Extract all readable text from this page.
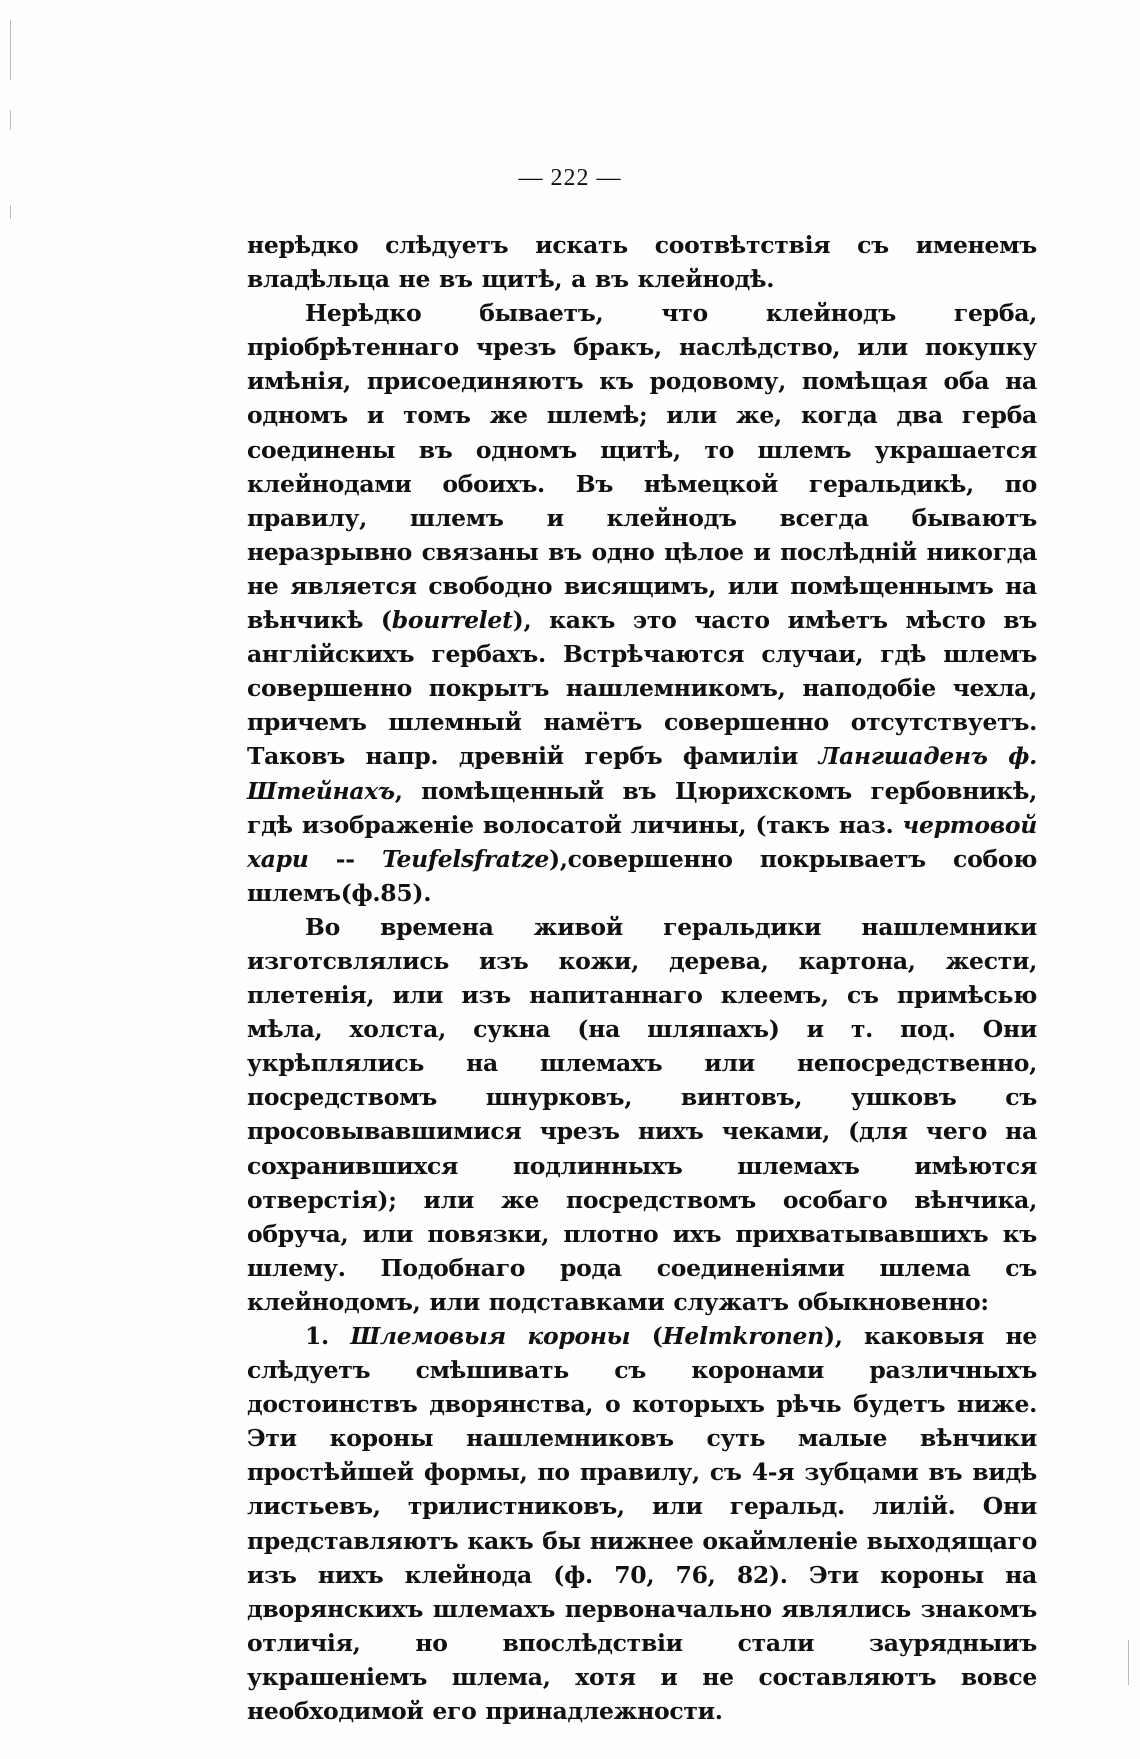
— 222 —

нерѣдко слѣдуетъ искать соотвѣтствія съ именемъ владѣльца не въ щитѣ, а въ клейнодѣ.

Нерѣдко бываетъ, что клейнодъ герба, пріобрѣтеннаго чрезъ бракъ, наслѣдство, или покупку имѣнія, присоединяютъ къ родовому, помѣщая оба на одномъ и томъ же шлемѣ; или же, когда два герба соединены въ одномъ щитѣ, то шлемъ украшается клейнодами обоихъ. Въ нѣмецкой геральдикѣ, по правилу, шлемъ и клейнодъ всегда бываютъ неразрывно связаны въ одно цѣлое и послѣдній никогда не является свободно висящимъ, или помѣщеннымъ на вѣнчикѣ (bourrelet), какъ это часто имѣетъ мѣсто въ англійскихъ гербахъ. Встрѣчаются случаи, гдѣ шлемъ совершенно покрытъ нашлемникомъ, наподобіе чехла, причемъ шлемный намётъ совершенно отсутствуетъ. Таковъ напр. древній гербъ фамиліи Лангшаденъ ф. Штейнахъ, помѣщенный въ Цюрихскомъ гербовникѣ, гдѣ изображеніе волосатой личины, (такъ наз. чертовой хари -- Teufelsfratze),совершенно покрываетъ собою шлемъ(ф.85).

Во времена живой геральдики нашлемники изготсвлялись изъ кожи, дерева, картона, жести, плетенія, или изъ напитаннаго клеемъ, съ примѣсью мѣла, холста, сукна (на шляпахъ) и т. под. Они укрѣплялись на шлемахъ или непосредственно, посредствомъ шнурковъ, винтовъ, ушковъ съ просовывавшимися чрезъ нихъ чеками, (для чего на сохранившихся подлинныхъ шлемахъ имѣются отверстія); или же посредствомъ особаго вѣнчика, обруча, или повязки, плотно ихъ прихватывавшихъ къ шлему. Подобнаго рода соединеніями шлема съ клейнодомъ, или подставками служатъ обыкновенно:

1. Шлемовыя короны (Helmkronen), каковыя не слѣдуетъ смѣшивать съ коронами различныхъ достоинствъ дворянства, о которыхъ рѣчь будетъ ниже. Эти короны нашлемниковъ суть малые вѣнчики простѣйшей формы, по правилу, съ 4-я зубцами въ видѣ листьевъ, трилистниковъ, или геральд. лилій. Они представляютъ какъ бы нижнее окаймленіе выходящаго изъ нихъ клейнода (ф. 70, 76, 82). Эти короны на дворянскихъ шлемахъ первоначально являлись знакомъ отличія, но впослѣдствіи стали заурядныиъ украшеніемъ шлема, хотя и не составляютъ вовсе необходимой его принадлежности.
